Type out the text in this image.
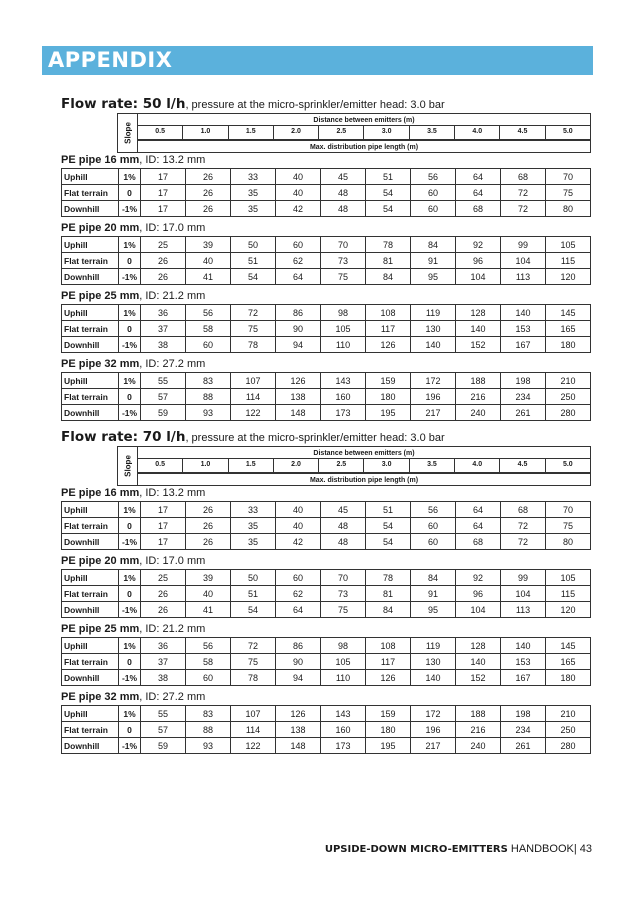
APPENDIX
Flow rate: 50 l/h, pressure at the micro-sprinkler/emitter head: 3.0 bar
Slope
Distance between emitters (m)
0.5	1.0	1.5	2.0	2.5	3.0	3.5	4.0	4.5	5.0
Max. distribution pipe length (m)
PE pipe 16 mm, ID: 13.2 mm
Uphill	1%	17	26	33	40	45	51	56	64	68	70
Flat terrain	0	17	26	35	40	48	54	60	64	72	75
Downhill	-1%	17	26	35	42	48	54	60	68	72	80
PE pipe 20 mm, ID: 17.0 mm
Uphill	1%	25	39	50	60	70	78	84	92	99	105
Flat terrain	0	26	40	51	62	73	81	91	96	104	115
Downhill	-1%	26	41	54	64	75	84	95	104	113	120
PE pipe 25 mm, ID: 21.2 mm
Uphill	1%	36	56	72	86	98	108	119	128	140	145
Flat terrain	0	37	58	75	90	105	117	130	140	153	165
Downhill	-1%	38	60	78	94	110	126	140	152	167	180
PE pipe 32 mm, ID: 27.2 mm
Uphill	1%	55	83	107	126	143	159	172	188	198	210
Flat terrain	0	57	88	114	138	160	180	196	216	234	250
Downhill	-1%	59	93	122	148	173	195	217	240	261	280
Flow rate: 70 l/h, pressure at the micro-sprinkler/emitter head: 3.0 bar
Slope
Distance between emitters (m)
0.5	1.0	1.5	2.0	2.5	3.0	3.5	4.0	4.5	5.0
Max. distribution pipe length (m)
PE pipe 16 mm, ID: 13.2 mm
Uphill	1%	17	26	33	40	45	51	56	64	68	70
Flat terrain	0	17	26	35	40	48	54	60	64	72	75
Downhill	-1%	17	26	35	42	48	54	60	68	72	80
PE pipe 20 mm, ID: 17.0 mm
Uphill	1%	25	39	50	60	70	78	84	92	99	105
Flat terrain	0	26	40	51	62	73	81	91	96	104	115
Downhill	-1%	26	41	54	64	75	84	95	104	113	120
PE pipe 25 mm, ID: 21.2 mm
Uphill	1%	36	56	72	86	98	108	119	128	140	145
Flat terrain	0	37	58	75	90	105	117	130	140	153	165
Downhill	-1%	38	60	78	94	110	126	140	152	167	180
PE pipe 32 mm, ID: 27.2 mm
Uphill	1%	55	83	107	126	143	159	172	188	198	210
Flat terrain	0	57	88	114	138	160	180	196	216	234	250
Downhill	-1%	59	93	122	148	173	195	217	240	261	280
UPSIDE-DOWN MICRO-EMITTERS HANDBOOK| 43
